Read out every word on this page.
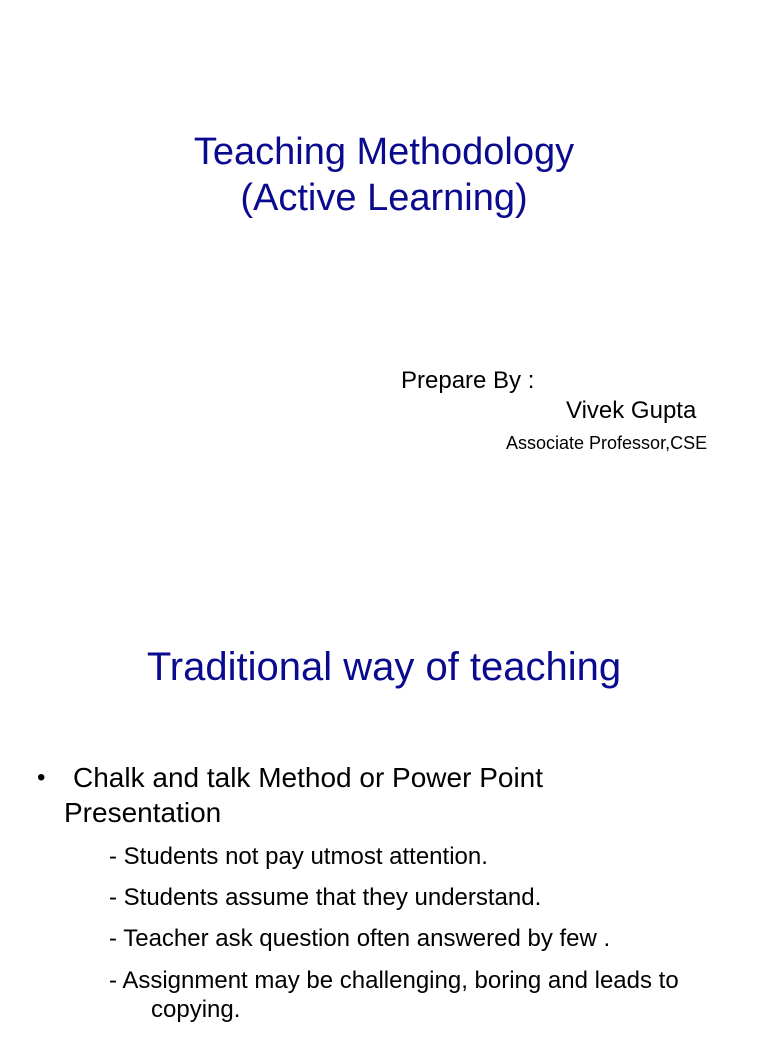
Teaching Methodology
(Active Learning)
Prepare By :
Vivek Gupta
Associate Professor,CSE
Traditional way of teaching
• Chalk and talk Method or Power Point Presentation
- Students not pay utmost attention.
- Students assume that they understand.
- Teacher ask question often answered by few .
- Assignment may be challenging, boring and leads to copying.
